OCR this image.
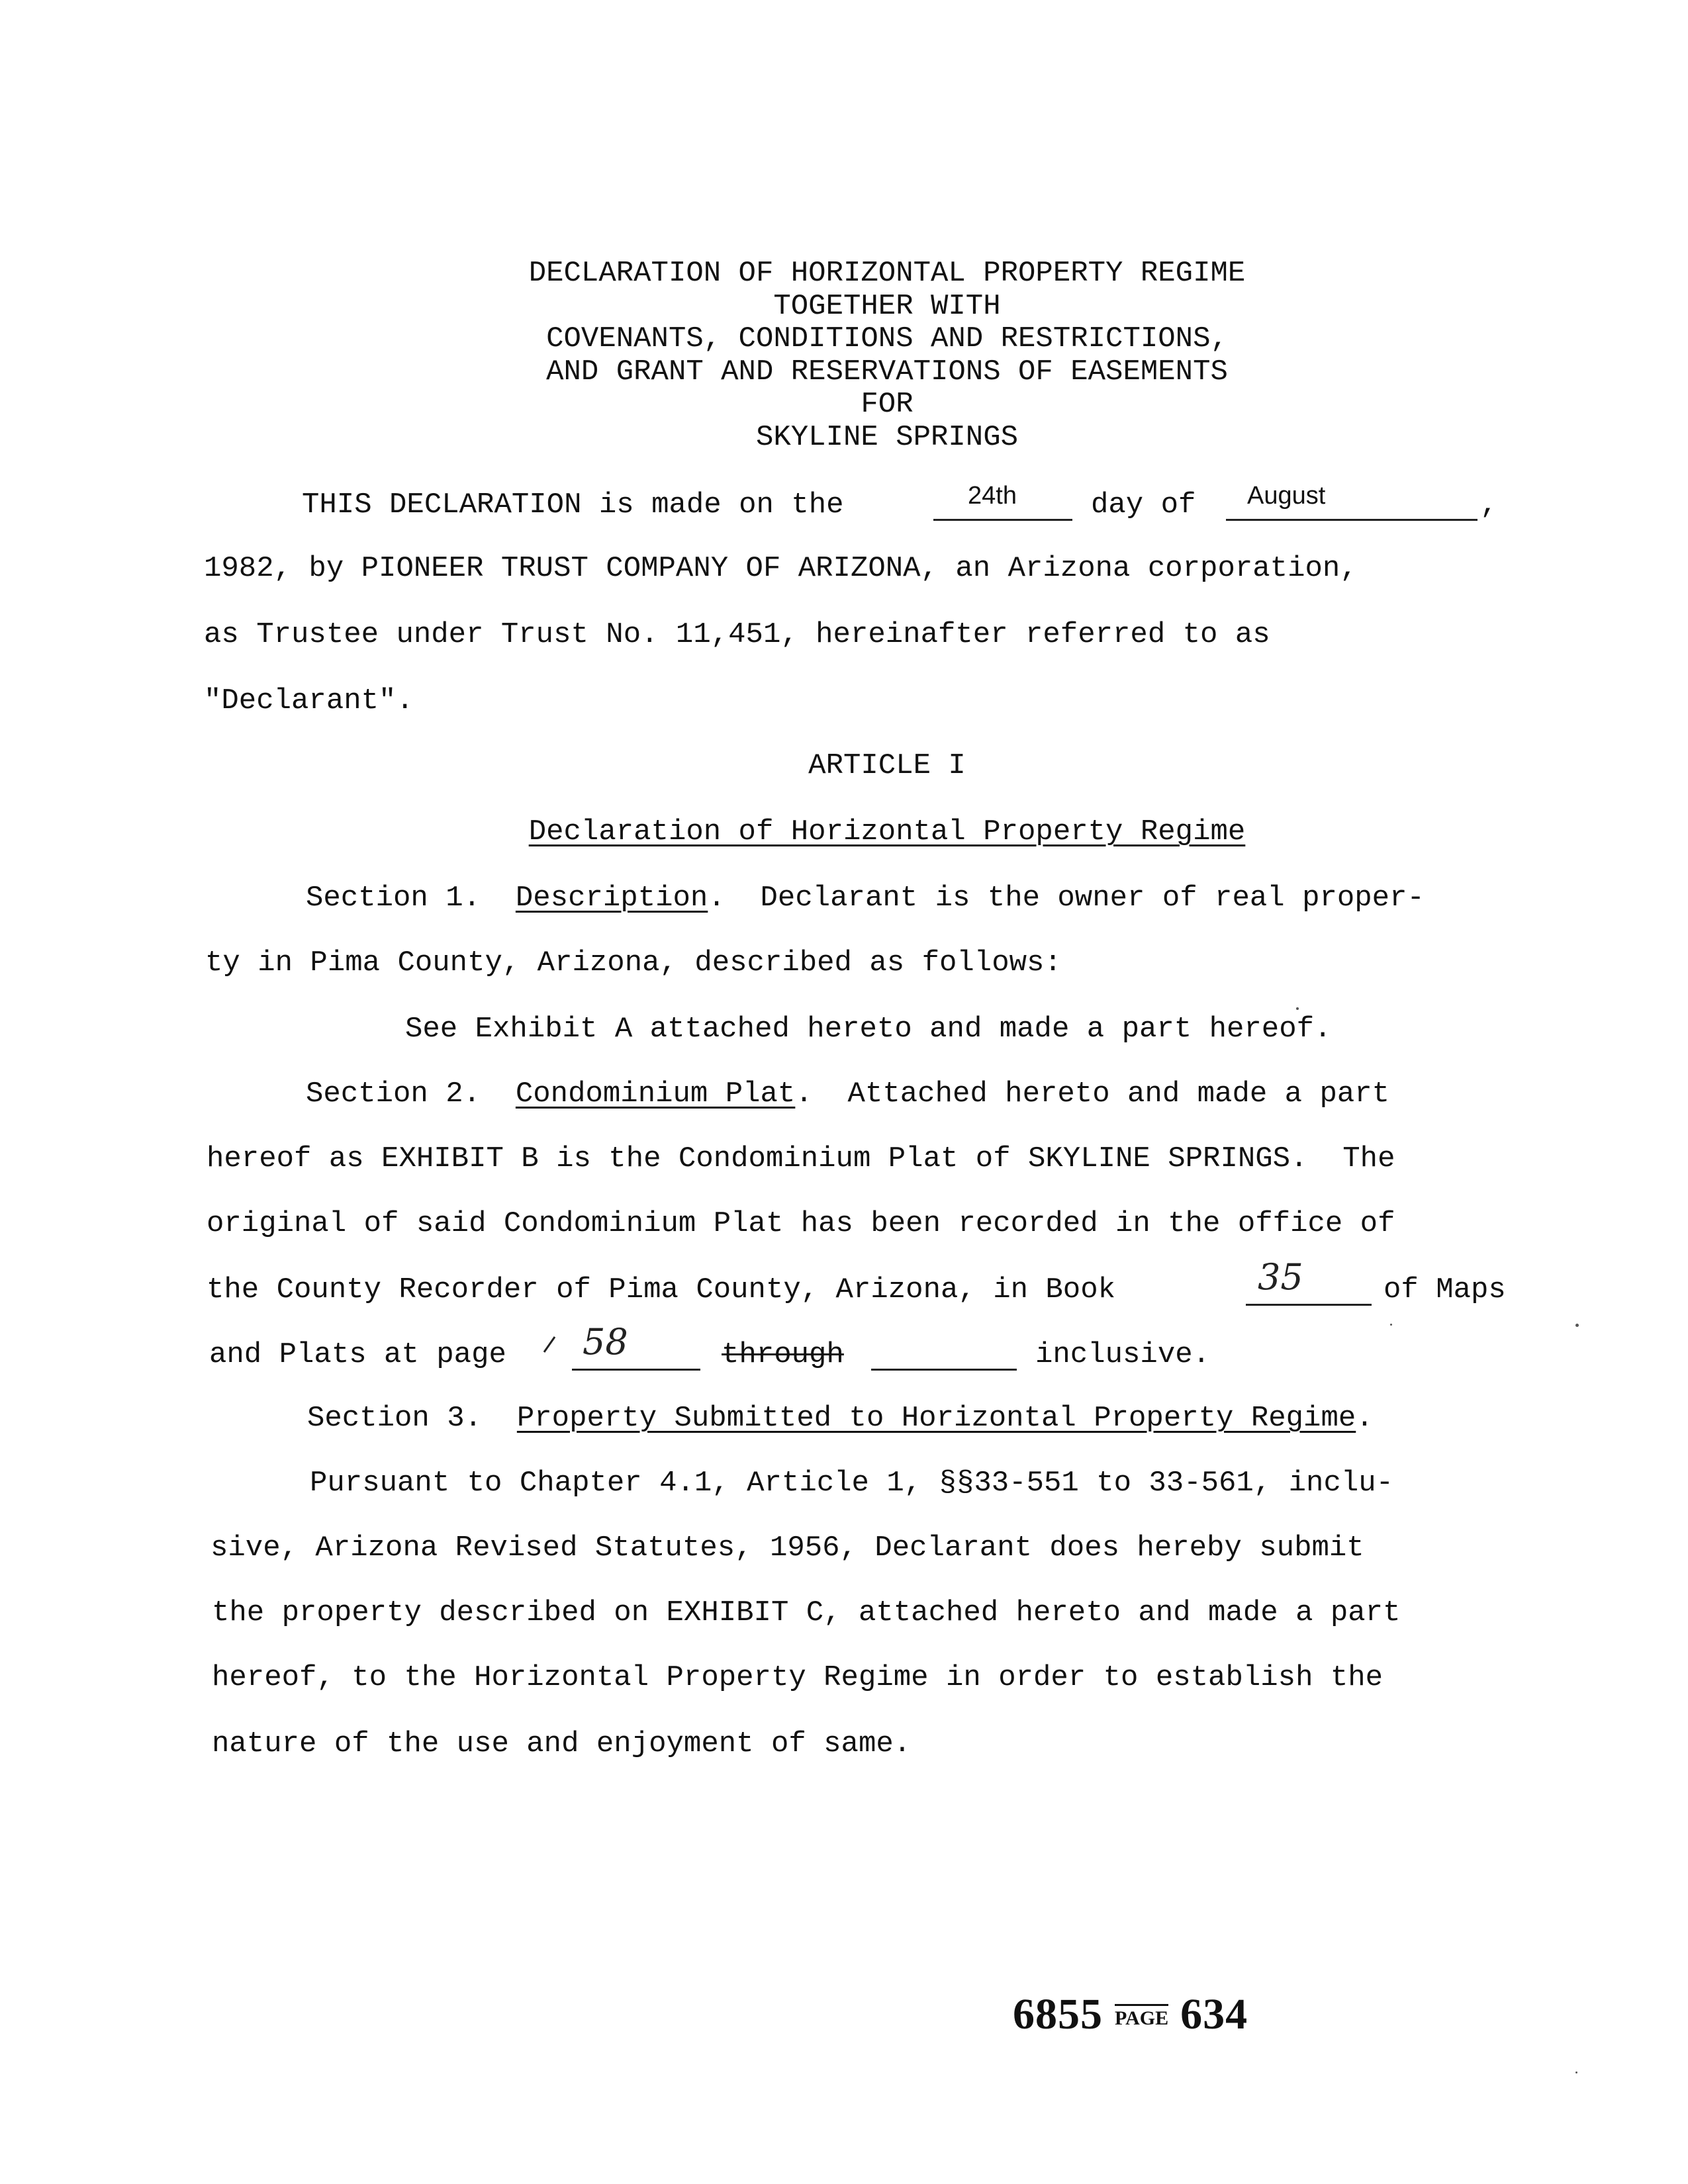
DECLARATION OF HORIZONTAL PROPERTY REGIME
TOGETHER WITH
COVENANTS, CONDITIONS AND RESTRICTIONS,
AND GRANT AND RESERVATIONS OF EASEMENTS
FOR
SKYLINE SPRINGS
THIS DECLARATION is made on the	24th	day of August	,
1982, by PIONEER TRUST COMPANY OF ARIZONA, an Arizona corporation,
as Trustee under Trust No. 11,451, hereinafter referred to as
"Declarant".
ARTICLE I
Declaration of Horizontal Property Regime
Section 1. Description. Declarant is the owner of real proper-
ty in Pima County, Arizona, described as follows:
See Exhibit A attached hereto and made a part hereof.
Section 2. Condominium Plat. Attached hereto and made a part
hereof as EXHIBIT B is the Condominium Plat of SKYLINE SPRINGS.  The
original of said Condominium Plat has been recorded in the office of
the County Recorder of Pima County, Arizona, in Book	35	of Maps
and Plats at page 58	through	inclusive.
Section 3. Property Submitted to Horizontal Property Regime.
Pursuant to Chapter 4.1, Article 1, §§33-551 to 33-561, inclu-
sive, Arizona Revised Statutes, 1956, Declarant does hereby submit
the property described on EXHIBIT C, attached hereto and made a part
hereof, to the Horizontal Property Regime in order to establish the
nature of the use and enjoyment of same.
6855 PAGE 634
